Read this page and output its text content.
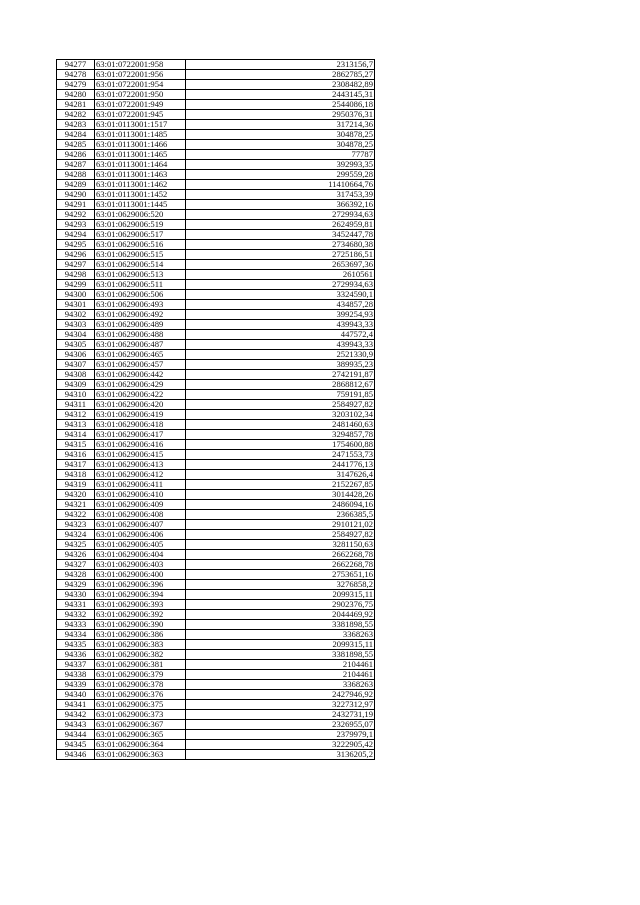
94277	63:01:0722001:958	2313156,7
94278	63:01:0722001:956	2862785,27
94279	63:01:0722001:954	2308482,89
94280	63:01:0722001:950	2443145,31
94281	63:01:0722001:949	2544086,18
94282	63:01:0722001:945	2950376,31
94283	63:01:0113001:1517	317214,36
94284	63:01:0113001:1485	304878,25
94285	63:01:0113001:1466	304878,25
94286	63:01:0113001:1465	77787
94287	63:01:0113001:1464	392993,35
94288	63:01:0113001:1463	299559,28
94289	63:01:0113001:1462	11410664,76
94290	63:01:0113001:1452	317453,39
94291	63:01:0113001:1445	366392,16
94292	63:01:0629006:520	2729934,63
94293	63:01:0629006:519	2624959,81
94294	63:01:0629006:517	3452447,78
94295	63:01:0629006:516	2734680,38
94296	63:01:0629006:515	2725186,51
94297	63:01:0629006:514	2653697,36
94298	63:01:0629006:513	2610561
94299	63:01:0629006:511	2729934,63
94300	63:01:0629006:506	3324590,1
94301	63:01:0629006:493	434857,28
94302	63:01:0629006:492	399254,93
94303	63:01:0629006:489	439943,33
94304	63:01:0629006:488	447572,4
94305	63:01:0629006:487	439943,33
94306	63:01:0629006:465	2521330,9
94307	63:01:0629006:457	389935,23
94308	63:01:0629006:442	2742191,87
94309	63:01:0629006:429	2868812,67
94310	63:01:0629006:422	759191,85
94311	63:01:0629006:420	2584927,82
94312	63:01:0629006:419	3203102,34
94313	63:01:0629006:418	2481460,63
94314	63:01:0629006:417	3294857,78
94315	63:01:0629006:416	1754600,88
94316	63:01:0629006:415	2471553,73
94317	63:01:0629006:413	2441776,13
94318	63:01:0629006:412	3147626,4
94319	63:01:0629006:411	2152267,85
94320	63:01:0629006:410	3014428,26
94321	63:01:0629006:409	2486094,16
94322	63:01:0629006:408	2366385,5
94323	63:01:0629006:407	2910121,02
94324	63:01:0629006:406	2584927,82
94325	63:01:0629006:405	3281150,63
94326	63:01:0629006:404	2662268,78
94327	63:01:0629006:403	2662268,78
94328	63:01:0629006:400	2753651,16
94329	63:01:0629006:396	3276858,2
94330	63:01:0629006:394	2099315,11
94331	63:01:0629006:393	2902376,75
94332	63:01:0629006:392	2044469,92
94333	63:01:0629006:390	3381898,55
94334	63:01:0629006:386	3368263
94335	63:01:0629006:383	2099315,11
94336	63:01:0629006:382	3381898,55
94337	63:01:0629006:381	2104461
94338	63:01:0629006:379	2104461
94339	63:01:0629006:378	3368263
94340	63:01:0629006:376	2427946,92
94341	63:01:0629006:375	3227312,97
94342	63:01:0629006:373	2432731,19
94343	63:01:0629006:367	2326955,07
94344	63:01:0629006:365	2379979,1
94345	63:01:0629006:364	3222905,42
94346	63:01:0629006:363	3136205,2
